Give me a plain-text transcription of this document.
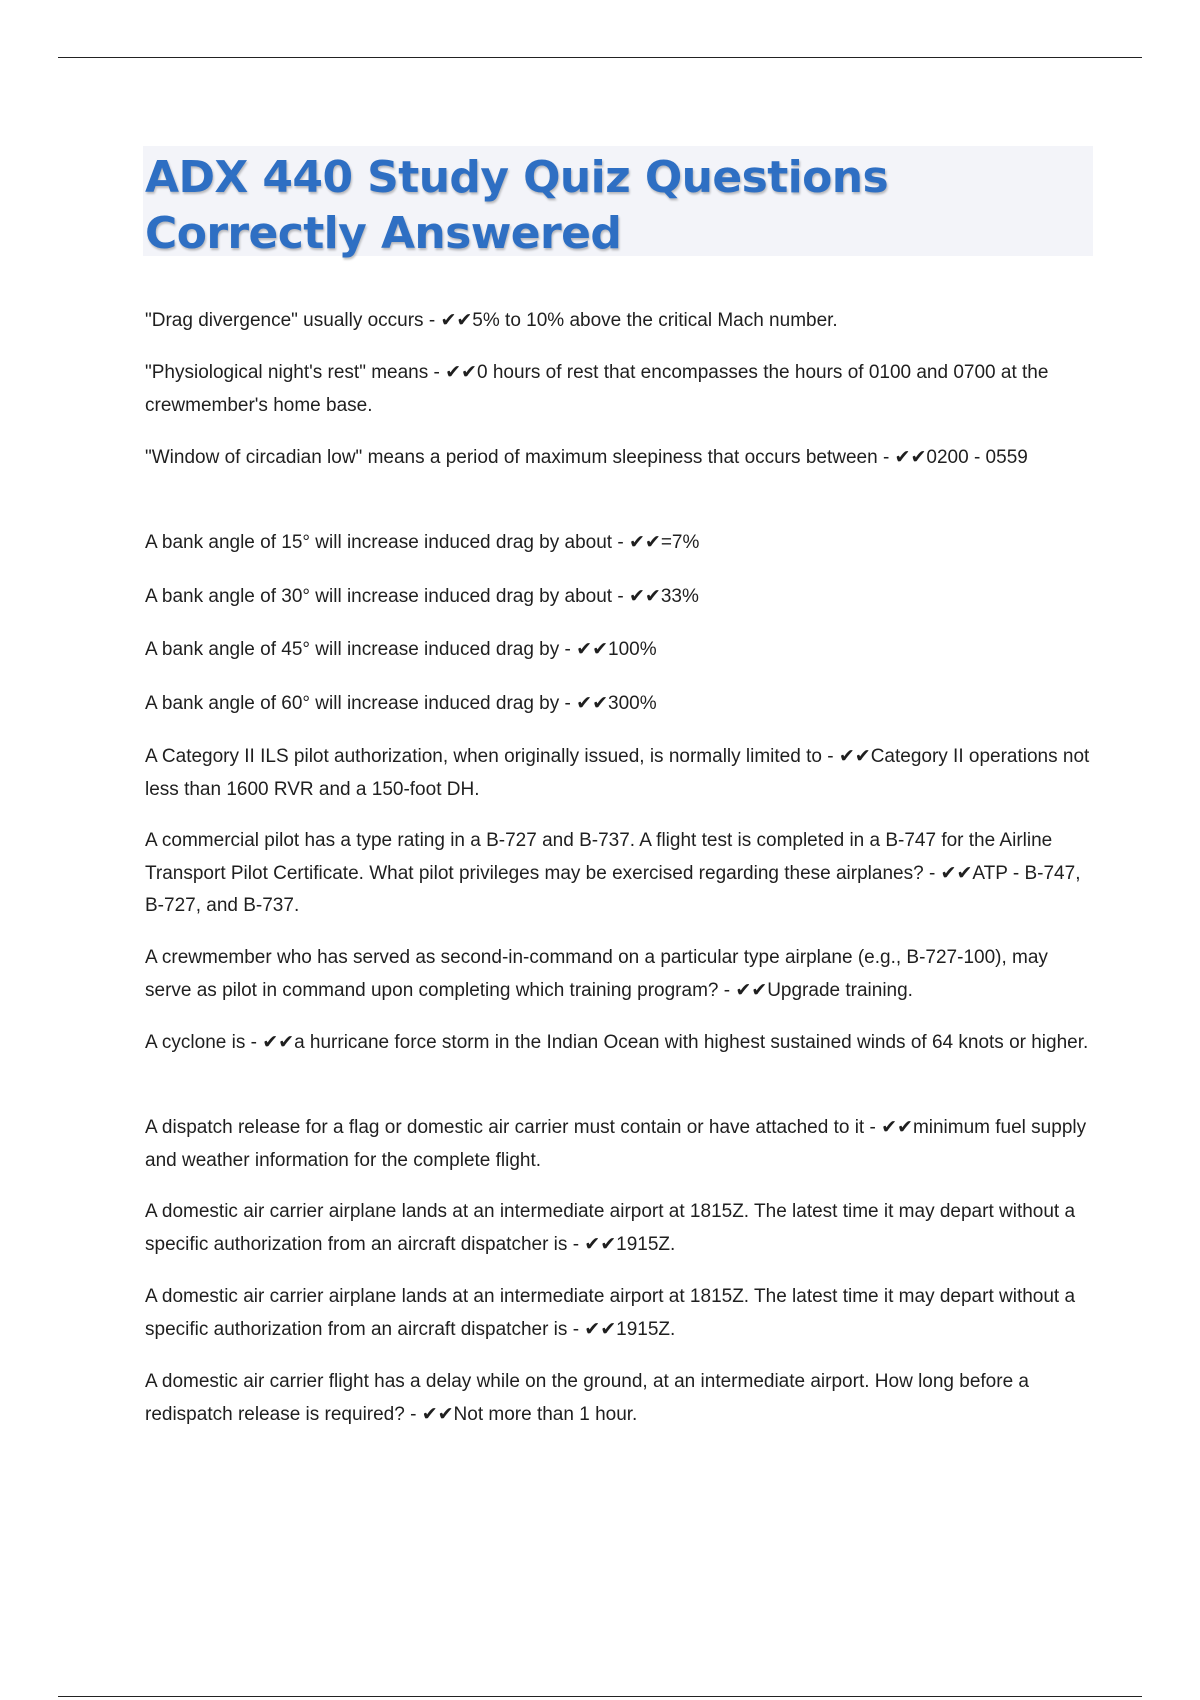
ADX 440 Study Quiz Questions Correctly Answered

"Drag divergence" usually occurs - ✔✔5% to 10% above the critical Mach number.

"Physiological night's rest" means - ✔✔0 hours of rest that encompasses the hours of 0100 and 0700 at the crewmember's home base.

"Window of circadian low" means a period of maximum sleepiness that occurs between - ✔✔0200 - 0559

A bank angle of 15° will increase induced drag by about - ✔✔=7%

A bank angle of 30° will increase induced drag by about - ✔✔33%

A bank angle of 45° will increase induced drag by - ✔✔100%

A bank angle of 60° will increase induced drag by - ✔✔300%

A Category II ILS pilot authorization, when originally issued, is normally limited to - ✔✔Category II operations not less than 1600 RVR and a 150-foot DH.

A commercial pilot has a type rating in a B-727 and B-737. A flight test is completed in a B-747 for the Airline Transport Pilot Certificate. What pilot privileges may be exercised regarding these airplanes? - ✔✔ATP - B-747, B-727, and B-737.

A crewmember who has served as second-in-command on a particular type airplane (e.g., B-727-100), may serve as pilot in command upon completing which training program? - ✔✔Upgrade training.

A cyclone is - ✔✔a hurricane force storm in the Indian Ocean with highest sustained winds of 64 knots or higher.

A dispatch release for a flag or domestic air carrier must contain or have attached to it - ✔✔minimum fuel supply and weather information for the complete flight.

A domestic air carrier airplane lands at an intermediate airport at 1815Z. The latest time it may depart without a specific authorization from an aircraft dispatcher is - ✔✔1915Z.

A domestic air carrier airplane lands at an intermediate airport at 1815Z. The latest time it may depart without a specific authorization from an aircraft dispatcher is - ✔✔1915Z.

A domestic air carrier flight has a delay while on the ground, at an intermediate airport. How long before a redispatch release is required? - ✔✔Not more than 1 hour.
